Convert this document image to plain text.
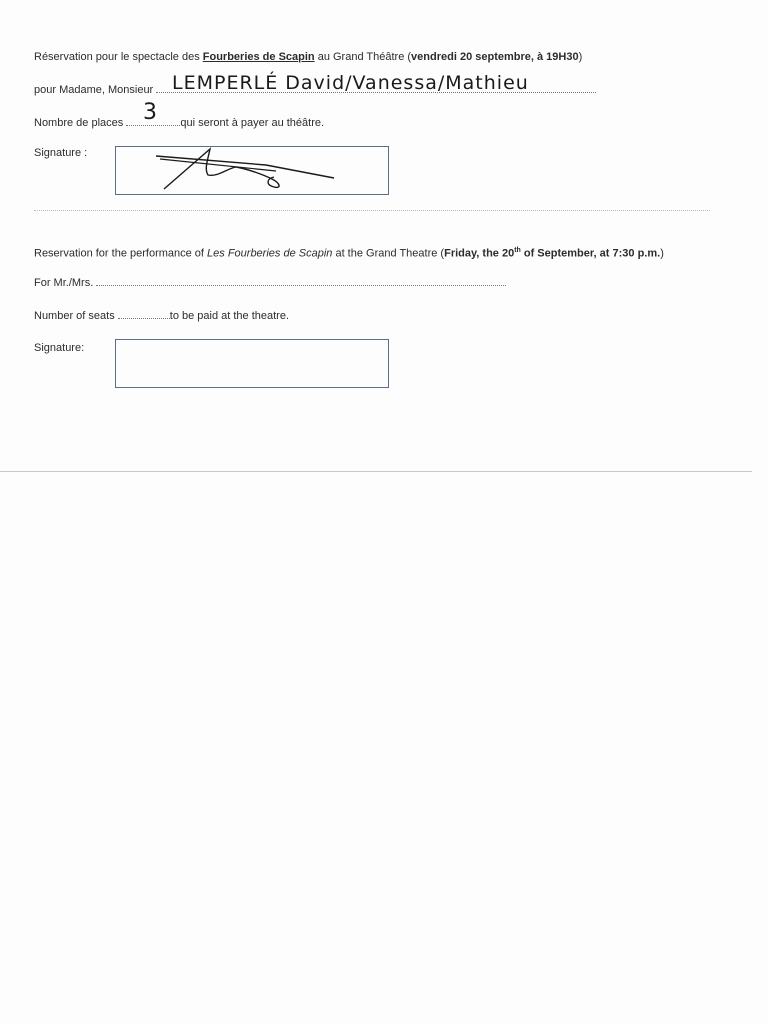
Réservation pour le spectacle des Fourberies de Scapin au Grand Théâtre (vendredi 20 septembre, à 19H30)
pour Madame, Monsieur LEMPERLÉ David/Vanessa/Mathieu
Nombre de places	qui seront à payer au théâtre.
3
Signature :
Reservation for the performance of Les Fourberies de Scapin at the Grand Theatre (Friday, the 20th of September, at 7:30 p.m.)
For Mr./Mrs.
Number of seats	to be paid at the theatre.
Signature:
